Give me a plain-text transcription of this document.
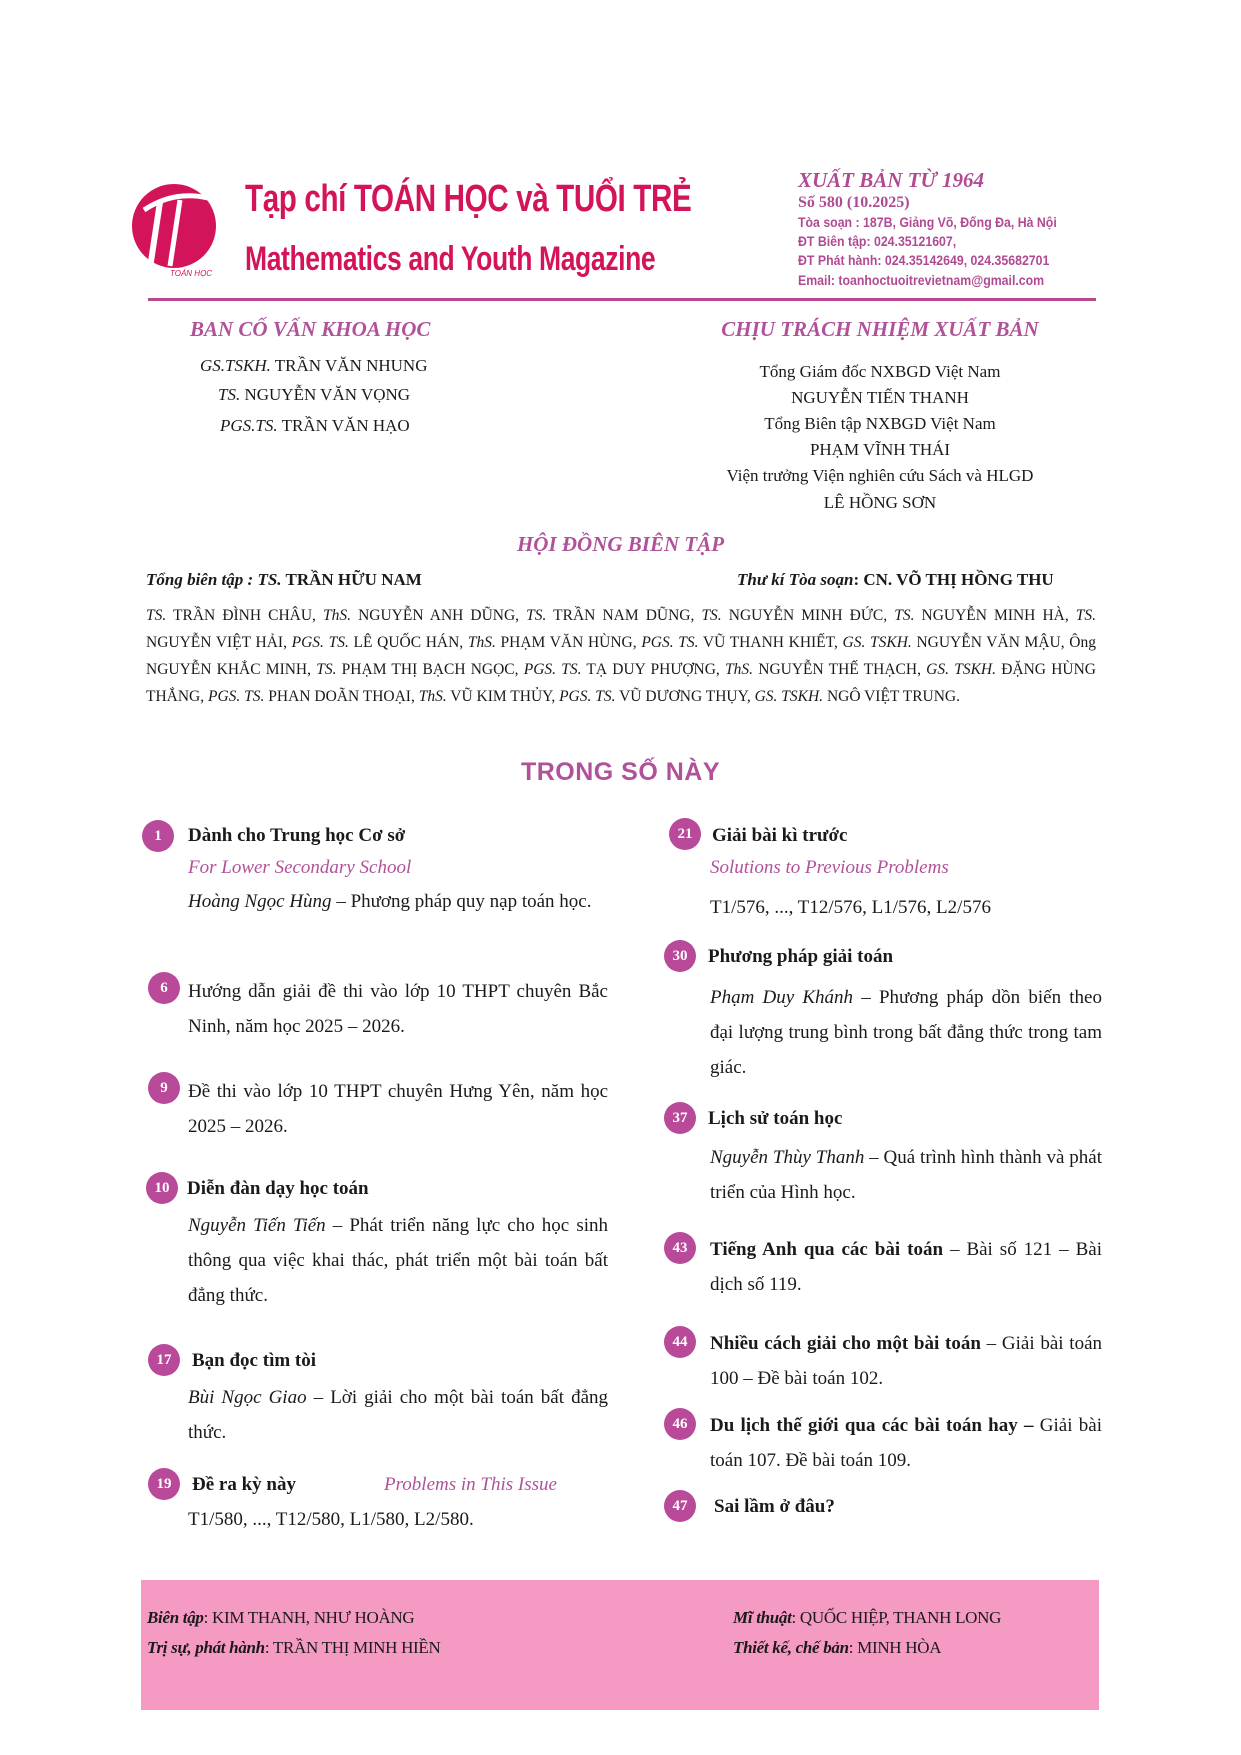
TOÁN HỌC
Tạp chí TOÁN HỌC và TUỔI TRẺ
Mathematics and Youth Magazine
XUẤT BẢN TỪ 1964
Số 580 (10.2025)
Tòa soạn : 187B, Giảng Võ, Đống Đa, Hà Nội
ĐT Biên tập: 024.35121607,
ĐT Phát hành: 024.35142649, 024.35682701
Email: toanhoctuoitrevietnam@gmail.com
BAN CỐ VẤN KHOA HỌC
GS.TSKH. TRẦN VĂN NHUNG
TS. NGUYỄN VĂN VỌNG
PGS.TS. TRẦN VĂN HẠO
CHỊU TRÁCH NHIỆM XUẤT BẢN
Tổng Giám đốc NXBGD Việt Nam
NGUYỄN TIẾN THANH
Tổng Biên tập NXBGD Việt Nam
PHẠM VĨNH THÁI
Viện trưởng Viện nghiên cứu Sách và HLGD
LÊ HỒNG SƠN
HỘI ĐỒNG BIÊN TẬP
Tổng biên tập : TS. TRẦN HỮU NAM	Thư kí Tòa soạn: CN. VÕ THỊ HỒNG THU
TS. TRẦN ĐÌNH CHÂU, ThS. NGUYỄN ANH DŨNG, TS. TRẦN NAM DŨNG, TS. NGUYỄN MINH ĐỨC, TS. NGUYỄN MINH HÀ, TS. NGUYỄN VIỆT HẢI, PGS. TS. LÊ QUỐC HÁN, ThS. PHẠM VĂN HÙNG, PGS. TS. VŨ THANH KHIẾT, GS. TSKH. NGUYỄN VĂN MẬU, Ông NGUYỄN KHẮC MINH, TS. PHẠM THỊ BẠCH NGỌC, PGS. TS. TẠ DUY PHƯỢNG, ThS. NGUYỄN THẾ THẠCH, GS. TSKH. ĐẶNG HÙNG THẮNG, PGS. TS. PHAN DOÃN THOẠI, ThS. VŨ KIM THỦY, PGS. TS. VŨ DƯƠNG THỤY, GS. TSKH. NGÔ VIỆT TRUNG.
TRONG SỐ NÀY
1	Dành cho Trung học Cơ sở
For Lower Secondary School
Hoàng Ngọc Hùng – Phương pháp quy nạp toán học.
6	Hướng dẫn giải đề thi vào lớp 10 THPT chuyên Bắc Ninh, năm học 2025 – 2026.
9	Đề thi vào lớp 10 THPT chuyên Hưng Yên, năm học 2025 – 2026.
10 Diễn đàn dạy học toán
Nguyễn Tiến Tiến – Phát triển năng lực cho học sinh thông qua việc khai thác, phát triển một bài toán bất đẳng thức.
17	Bạn đọc tìm tòi
Bùi Ngọc Giao – Lời giải cho một bài toán bất đẳng thức.
19	Đề ra kỳ này	Problems in This Issue
T1/580, ..., T12/580, L1/580, L2/580.
21	Giải bài kì trước
Solutions to Previous Problems
T1/576, ..., T12/576, L1/576, L2/576
30	Phương pháp giải toán
Phạm Duy Khánh – Phương pháp dồn biến theo đại lượng trung bình trong bất đẳng thức trong tam giác.
37	Lịch sử toán học
Nguyễn Thùy Thanh – Quá trình hình thành và phát triển của Hình học.
43	Tiếng Anh qua các bài toán – Bài số 121 – Bài dịch số 119.
44	Nhiều cách giải cho một bài toán – Giải bài toán 100 – Đề bài toán 102.
46	Du lịch thế giới qua các bài toán hay – Giải bài toán 107. Đề bài toán 109.
47	Sai lầm ở đâu?
Biên tập: KIM THANH, NHƯ HOÀNG
Trị sự, phát hành: TRẦN THỊ MINH HIỀN
Mĩ thuật: QUỐC HIỆP, THANH LONG
Thiết kế, chế bản: MINH HÒA
